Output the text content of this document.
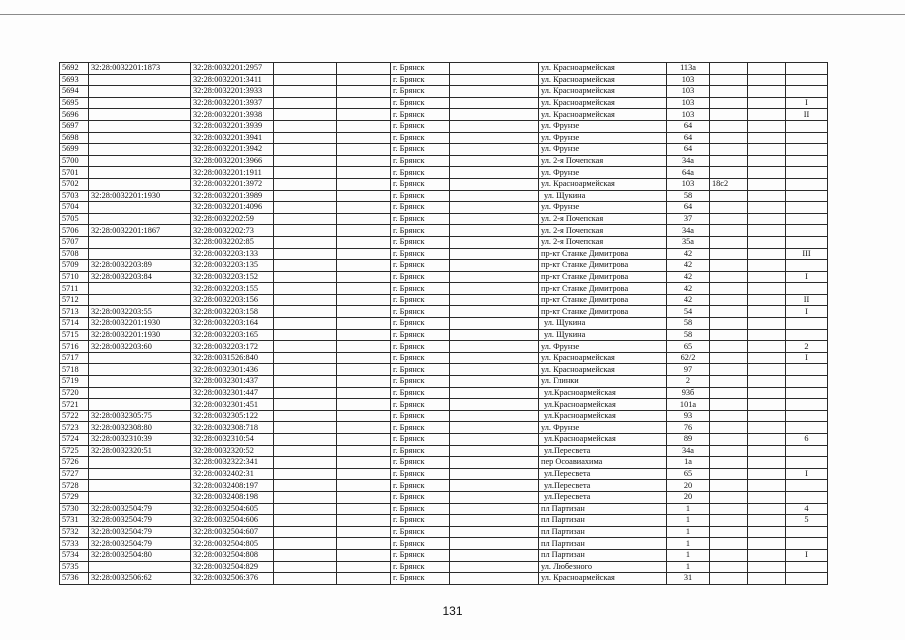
5692	32:28:0032201:1873	32:28:0032201:2957			г. Брянск		ул. Красноармейская	113а			
5693		32:28:0032201:3411			г. Брянск		ул. Красноармейская	103			
5694		32:28:0032201:3933			г. Брянск		ул. Красноармейская	103			
5695		32:28:0032201:3937			г. Брянск		ул. Красноармейская	103			I
5696		32:28:0032201:3938			г. Брянск		ул. Красноармейская	103			II
5697		32:28:0032201:3939			г. Брянск		ул. Фрунзе	64			
5698		32:28:0032201:3941			г. Брянск		ул. Фрунзе	64			
5699		32:28:0032201:3942			г. Брянск		ул. Фрунзе	64			
5700		32:28:0032201:3966			г. Брянск		ул. 2-я Почепская	34а			
5701		32:28:0032201:1911			г. Брянск		ул. Фрунзе	64а			
5702		32:28:0032201:3972			г. Брянск		ул. Красноармейская	103	18с2		
5703	32:28:0032201:1930	32:28:0032201:3989			г. Брянск		ул. Щукина	58			
5704		32:28:0032201:4096			г. Брянск		ул. Фрунзе	64			
5705		32:28:0032202:59			г. Брянск		ул. 2-я Почепская	37			
5706	32:28:0032201:1867	32:28:0032202:73			г. Брянск		ул. 2-я Почепская	34а			
5707		32:28:0032202:85			г. Брянск		ул. 2-я Почепская	35а			
5708		32:28:0032203:133			г. Брянск		пр-кт Станке Димитрова	42			III
5709	32:28:0032203:89	32:28:0032203:135			г. Брянск		пр-кт Станке Димитрова	42			
5710	32:28:0032203:84	32:28:0032203:152			г. Брянск		пр-кт Станке Димитрова	42			I
5711		32:28:0032203:155			г. Брянск		пр-кт Станке Димитрова	42			
5712		32:28:0032203:156			г. Брянск		пр-кт Станке Димитрова	42			II
5713	32:28:0032203:55	32:28:0032203:158			г. Брянск		пр-кт Станке Димитрова	54			I
5714	32:28:0032201:1930	32:28:0032203:164			г. Брянск		ул. Щукина	58			
5715	32:28:0032201:1930	32:28:0032203:165			г. Брянск		ул. Щукина	58			
5716	32:28:0032203:60	32:28:0032203:172			г. Брянск		ул. Фрунзе	65			2
5717		32:28:0031526:840			г. Брянск		ул. Красноармейская	62/2			I
5718		32:28:0032301:436			г. Брянск		ул. Красноармейская	97			
5719		32:28:0032301:437			г. Брянск		ул. Глинки	2			
5720		32:28:0032301:447			г. Брянск		ул.Красноармейская	93б			
5721		32:28:0032301:451			г. Брянск		ул.Красноармейская	101а			
5722	32:28:0032305:75	32:28:0032305:122			г. Брянск		ул.Красноармейская	93			
5723	32:28:0032308:80	32:28:0032308:718			г. Брянск		ул. Фрунзе	76			
5724	32:28:0032310:39	32:28:0032310:54			г. Брянск		ул.Красноармейская	89			6
5725	32:28:0032320:51	32:28:0032320:52			г. Брянск		ул.Пересвета	34а			
5726		32:28:0032322:341			г. Брянск		пер Осоавиахима	1а			
5727		32:28:0032402:31			г. Брянск		ул.Пересвета	65			I
5728		32:28:0032408:197			г. Брянск		ул.Пересвета	20			
5729		32:28:0032408:198			г. Брянск		ул.Пересвета	20			
5730	32:28:0032504:79	32:28:0032504:605			г. Брянск		пл Партизан	1			4
5731	32:28:0032504:79	32:28:0032504:606			г. Брянск		пл Партизан	1			5
5732	32:28:0032504:79	32:28:0032504:607			г. Брянск		пл Партизан	1			
5733	32:28:0032504:79	32:28:0032504:805			г. Брянск		пл Партизан	1			
5734	32:28:0032504:80	32:28:0032504:808			г. Брянск		пл Партизан	1			I
5735		32:28:0032504:829			г. Брянск		ул. Любезного	1			
5736	32:28:0032506:62	32:28:0032506:376			г. Брянск		ул. Красноармейская	31			
131
